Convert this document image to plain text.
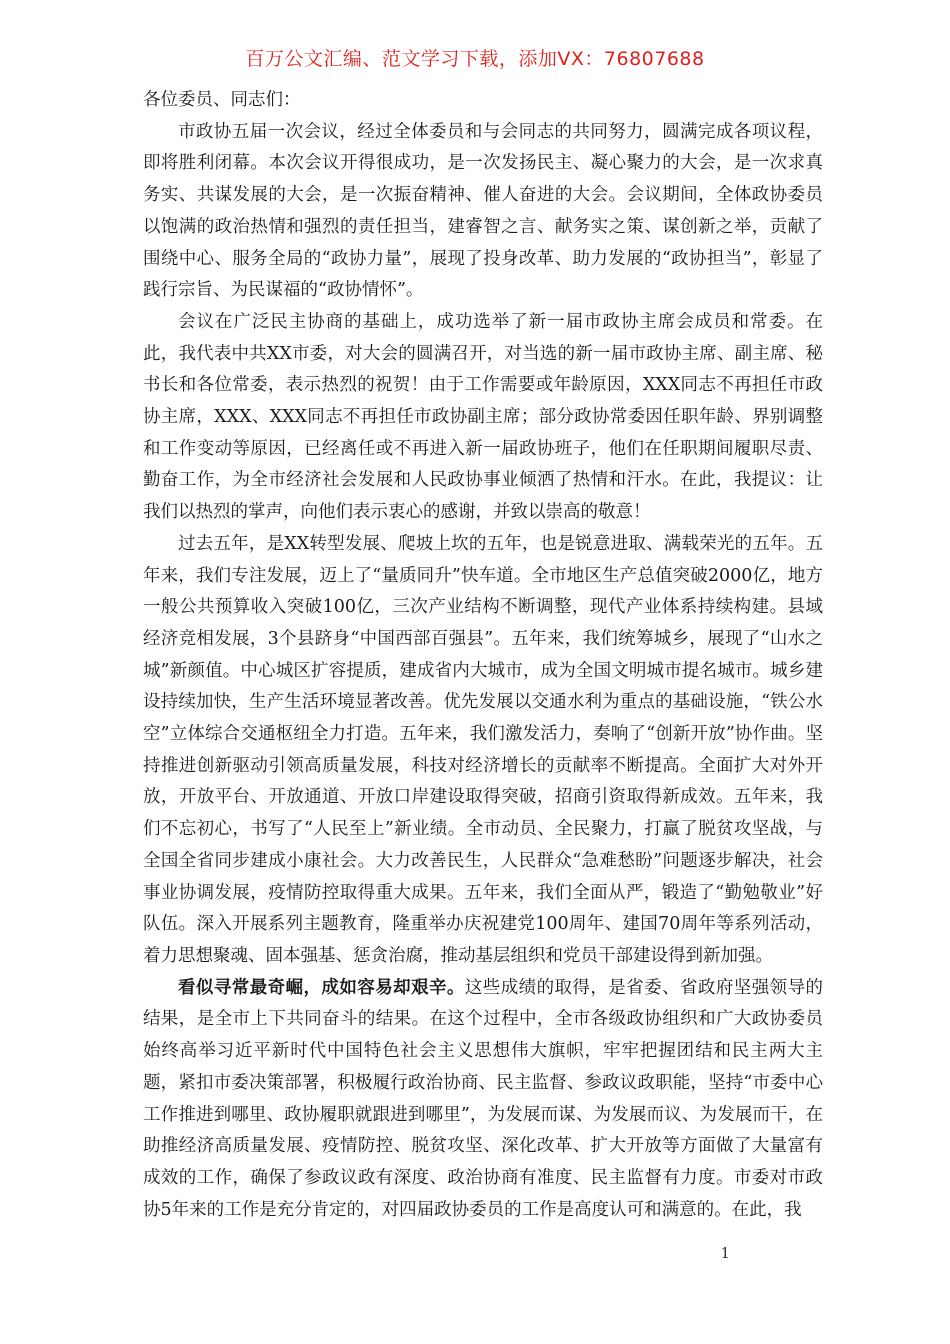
百万公文汇编、范文学习下载，添加VX：76807688

各位委员、同志们：

市政协五届一次会议，经过全体委员和与会同志的共同努力，圆满完成各项议程，即将胜利闭幕。本次会议开得很成功，是一次发扬民主、凝心聚力的大会，是一次求真务实、共谋发展的大会，是一次振奋精神、催人奋进的大会。会议期间，全体政协委员以饱满的政治热情和强烈的责任担当，建睿智之言、献务实之策、谋创新之举，贡献了围绕中心、服务全局的“政协力量”，展现了投身改革、助力发展的“政协担当”，彰显了践行宗旨、为民谋福的“政协情怀”。

会议在广泛民主协商的基础上，成功选举了新一届市政协主席会成员和常委。在此，我代表中共XX市委，对大会的圆满召开，对当选的新一届市政协主席、副主席、秘书长和各位常委，表示热烈的祝贺！由于工作需要或年龄原因，XXX同志不再担任市政协主席，XXX、XXX同志不再担任市政协副主席；部分政协常委因任职年龄、界别调整和工作变动等原因，已经离任或不再进入新一届政协班子，他们在任职期间履职尽责、勤奋工作，为全市经济社会发展和人民政协事业倾洒了热情和汗水。在此，我提议：让我们以热烈的掌声，向他们表示衷心的感谢，并致以崇高的敬意！

过去五年，是XX转型发展、爬坡上坎的五年，也是锐意进取、满载荣光的五年。五年来，我们专注发展，迈上了“量质同升”快车道。全市地区生产总值突破2000亿，地方一般公共预算收入突破100亿，三次产业结构不断调整，现代产业体系持续构建。县域经济竞相发展，3个县跻身“中国西部百强县”。五年来，我们统筹城乡，展现了“山水之城”新颜值。中心城区扩容提质，建成省内大城市，成为全国文明城市提名城市。城乡建设持续加快，生产生活环境显著改善。优先发展以交通水利为重点的基础设施，“铁公水空”立体综合交通枢纽全力打造。五年来，我们激发活力，奏响了“创新开放”协作曲。坚持推进创新驱动引领高质量发展，科技对经济增长的贡献率不断提高。全面扩大对外开放，开放平台、开放通道、开放口岸建设取得突破，招商引资取得新成效。五年来，我们不忘初心，书写了“人民至上”新业绩。全市动员、全民聚力，打赢了脱贫攻坚战，与全国全省同步建成小康社会。大力改善民生，人民群众“急难愁盼”问题逐步解决，社会事业协调发展，疫情防控取得重大成果。五年来，我们全面从严，锻造了“勤勉敬业”好队伍。深入开展系列主题教育，隆重举办庆祝建党100周年、建国70周年等系列活动，着力思想聚魂、固本强基、惩贪治腐，推动基层组织和党员干部建设得到新加强。

看似寻常最奇崛，成如容易却艰辛。这些成绩的取得，是省委、省政府坚强领导的结果，是全市上下共同奋斗的结果。在这个过程中，全市各级政协组织和广大政协委员始终高举习近平新时代中国特色社会主义思想伟大旗帜，牢牢把握团结和民主两大主题，紧扣市委决策部署，积极履行政治协商、民主监督、参政议政职能，坚持“市委中心工作推进到哪里、政协履职就跟进到哪里”，为发展而谋、为发展而议、为发展而干，在助推经济高质量发展、疫情防控、脱贫攻坚、深化改革、扩大开放等方面做了大量富有成效的工作，确保了参政议政有深度、政治协商有准度、民主监督有力度。市委对市政协5年来的工作是充分肯定的，对四届政协委员的工作是高度认可和满意的。在此，我

1
